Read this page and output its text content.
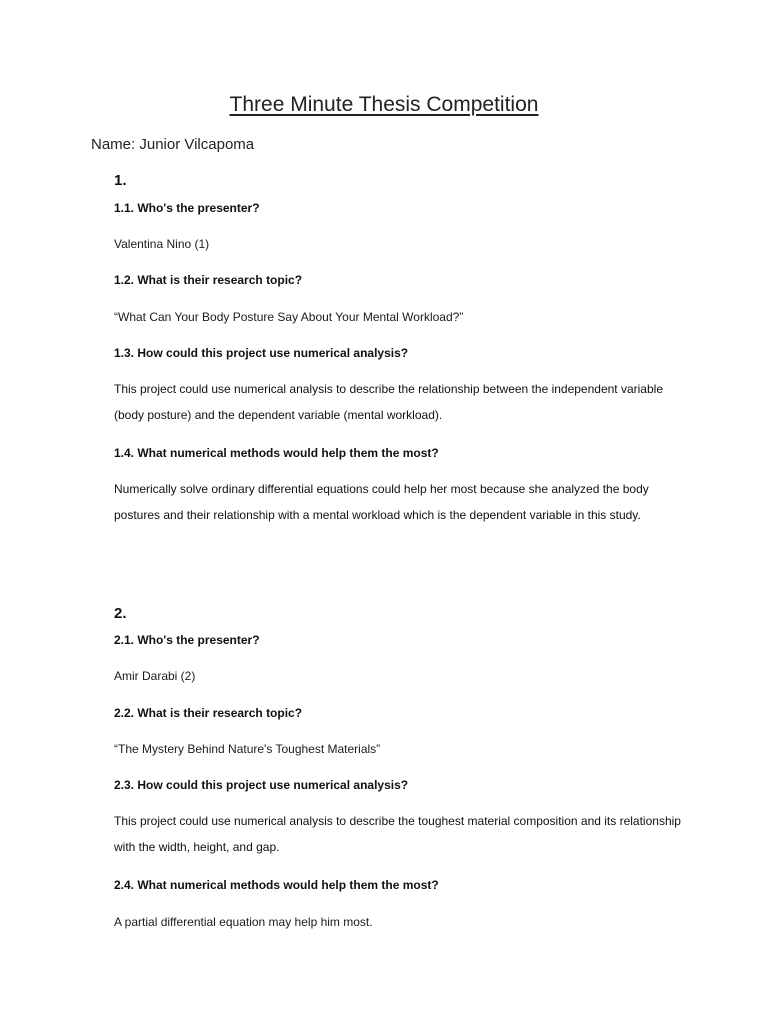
Three Minute Thesis Competition
Name: Junior Vilcapoma
1.
1.1. Who's the presenter?
Valentina Nino (1)
1.2. What is their research topic?
“What Can Your Body Posture Say About Your Mental Workload?”
1.3. How could this project use numerical analysis?
This project could use numerical analysis to describe the relationship between the independent variable (body posture) and the dependent variable (mental workload).
1.4. What numerical methods would help them the most?
Numerically solve ordinary differential equations could help her most because she analyzed the body postures and their relationship with a mental workload which is the dependent variable in this study.
2.
2.1. Who's the presenter?
Amir Darabi (2)
2.2. What is their research topic?
“The Mystery Behind Nature's Toughest Materials”
2.3. How could this project use numerical analysis?
This project could use numerical analysis to describe the toughest material composition and its relationship with the width, height, and gap.
2.4. What numerical methods would help them the most?
A partial differential equation may help him most.
